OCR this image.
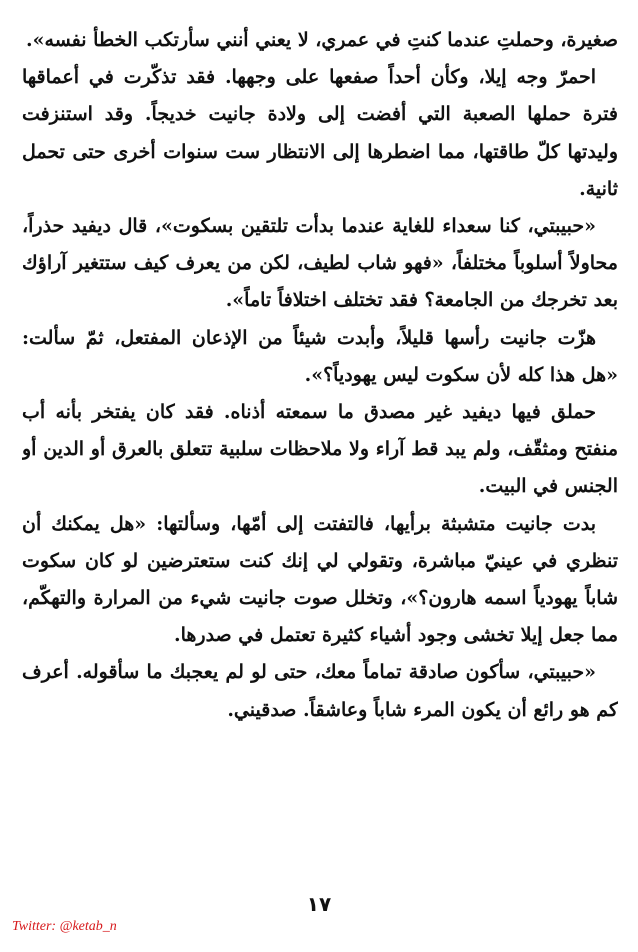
صغيرة، وحملتِ عندما كنتِ في عمري، لا يعني أنني سأرتكب الخطأ نفسه».

احمرّ وجه إيلا، وكأن أحداً صفعها على وجهها. فقد تذكّرت في أعماقها فترة حملها الصعبة التي أفضت إلى ولادة جانيت خديجاً. وقد استنزفت وليدتها كلّ طاقتها، مما اضطرها إلى الانتظار ست سنوات أخرى حتى تحمل ثانية.

«حبيبتي، كنا سعداء للغاية عندما بدأت تلتقين بسكوت»، قال ديفيد حذراً، محاولاً أسلوباً مختلفاً، «فهو شاب لطيف، لكن من يعرف كيف ستتغير آراؤك بعد تخرجك من الجامعة؟ فقد تختلف اختلافاً تاماً».

هزّت جانيت رأسها قليلاً، وأبدت شيئاً من الإذعان المفتعل، ثمّ سألت: «هل هذا كله لأن سكوت ليس يهودياً؟».

حملق فيها ديفيد غير مصدق ما سمعته أذناه. فقد كان يفتخر بأنه أب منفتح ومثقّف، ولم يبد قط آراء ولا ملاحظات سلبية تتعلق بالعرق أو الدين أو الجنس في البيت.

بدت جانيت متشبثة برأيها، فالتفتت إلى أمّها، وسألتها: «هل يمكنك أن تنظري في عينيّ مباشرة، وتقولي لي إنك كنت ستعترضين لو كان سكوت شاباً يهودياً اسمه هارون؟»، وتخلل صوت جانيت شيء من المرارة والتهكّم، مما جعل إيلا تخشى وجود أشياء كثيرة تعتمل في صدرها.

«حبيبتي، سأكون صادقة تماماً معك، حتى لو لم يعجبك ما سأقوله. أعرف كم هو رائع أن يكون المرء شاباً وعاشقاً. صدقيني.

١٧
Twitter: @ketab_n
